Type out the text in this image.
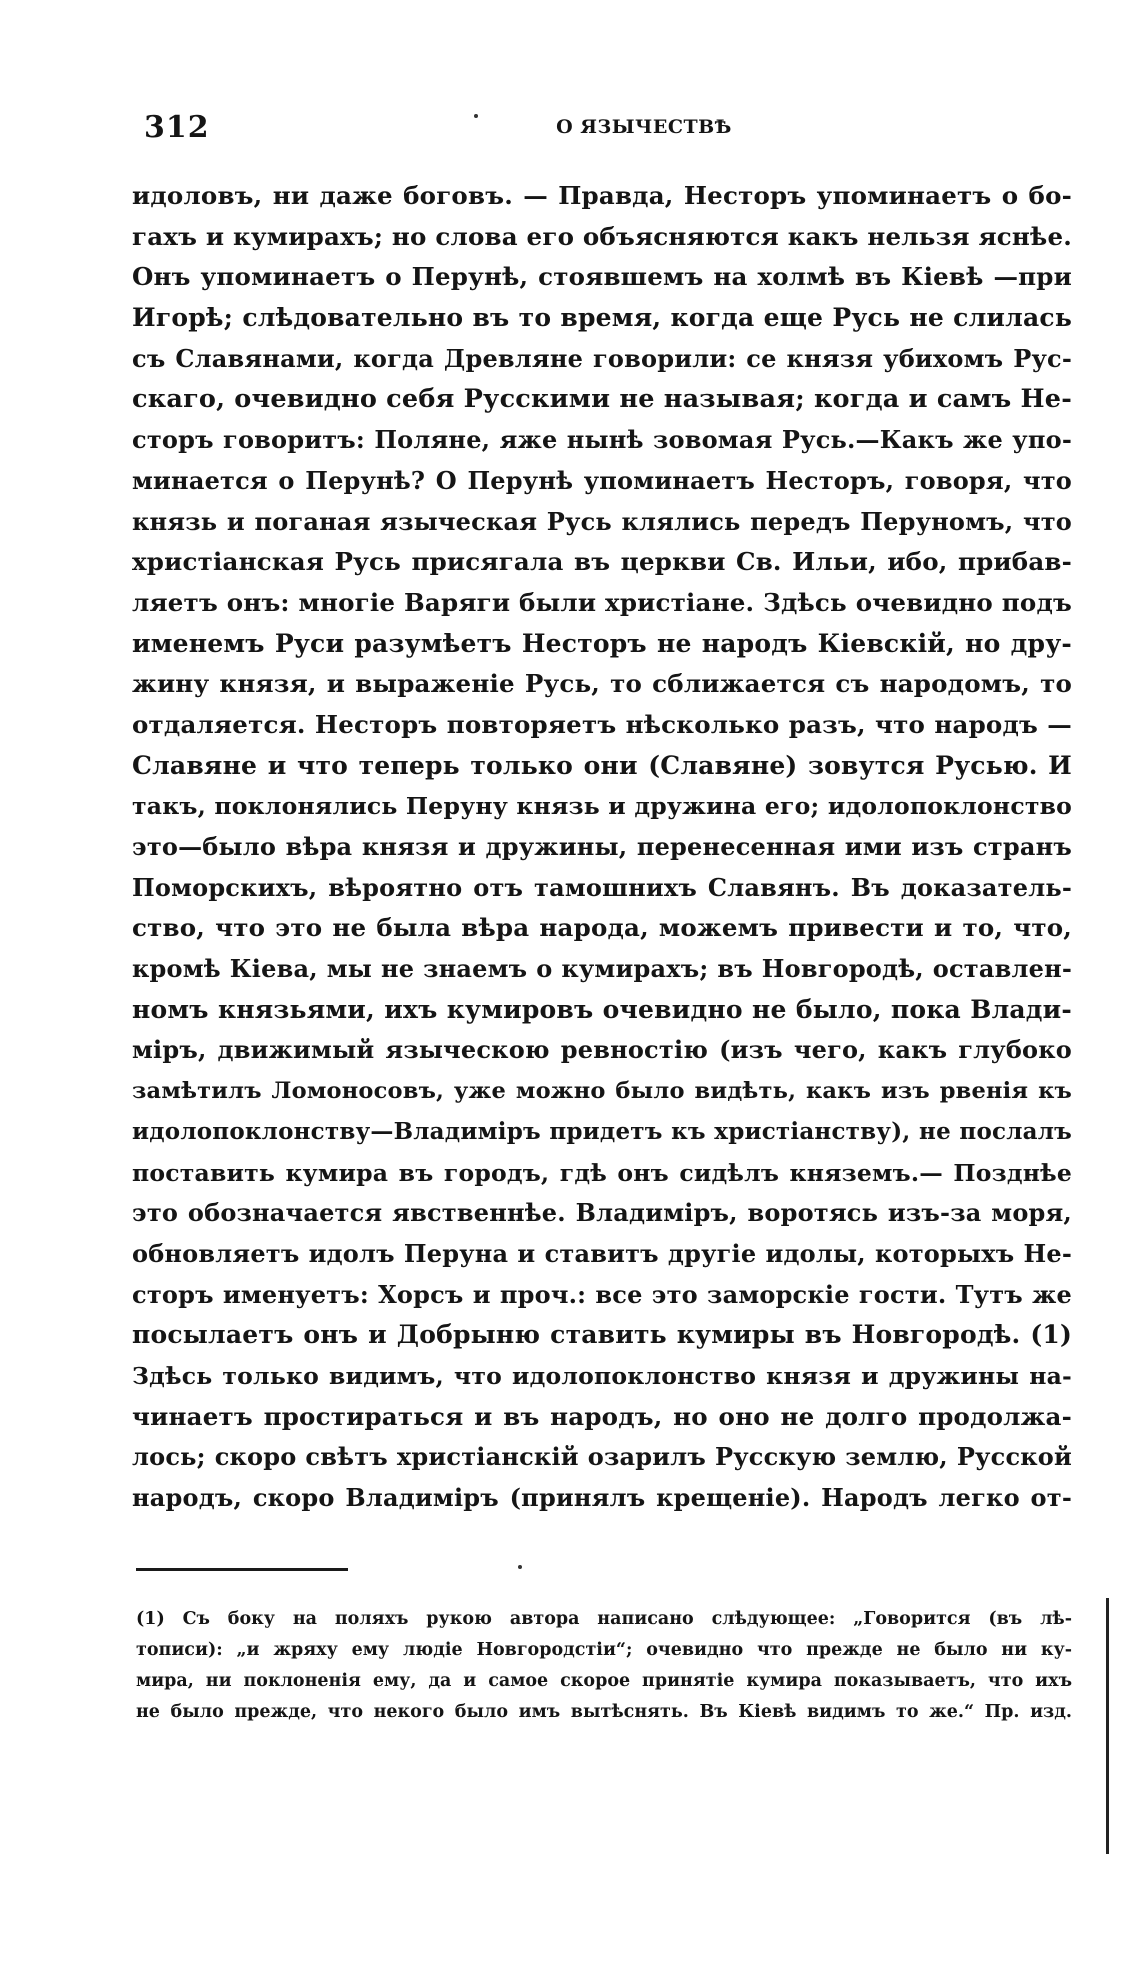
312	О ЯЗЫЧЕСТВѢ
идоловъ, ни даже боговъ. — Правда, Несторъ упоминаетъ о бо-
гахъ и кумирахъ; но слова его объясняются какъ нельзя яснѣе.
Онъ упоминаетъ о Перунѣ, стоявшемъ на холмѣ въ Кіевѣ —при
Игорѣ; слѣдовательно въ то время, когда еще Русь не слилась
съ Славянами, когда Древляне говорили: се князя убихомъ Рус-
скаго, очевидно себя Русскими не называя; когда и самъ Не-
сторъ говоритъ: Поляне, яже нынѣ зовомая Русь.—Какъ же упо-
минается о Перунѣ? О Перунѣ упоминаетъ Несторъ, говоря, что
князь и поганая языческая Русь клялись передъ Перуномъ, что
христіанская Русь присягала въ церкви Св. Ильи, ибо, прибав-
ляетъ онъ: многіе Варяги были христіане. Здѣсь очевидно подъ
именемъ Руси разумѣетъ Несторъ не народъ Кіевскій, но дру-
жину князя, и выраженіе Русь, то сближается съ народомъ, то
отдаляется. Несторъ повторяетъ нѣсколько разъ, что народъ —
Славяне и что теперь только они (Славяне) зовутся Русью. И
такъ, поклонялись Перуну князь и дружина его; идолопоклонство
это—было вѣра князя и дружины, перенесенная ими изъ странъ
Поморскихъ, вѣроятно отъ тамошнихъ Славянъ. Въ доказатель-
ство, что это не была вѣра народа, можемъ привести и то, что,
кромѣ Кіева, мы не знаемъ о кумирахъ; въ Новгородѣ, оставлен-
номъ князьями, ихъ кумировъ очевидно не было, пока Влади-
міръ, движимый языческою ревностію (изъ чего, какъ глубоко
замѣтилъ Ломоносовъ, уже можно было видѣть, какъ изъ рвенія къ
идолопоклонству—Владиміръ придетъ къ христіанству), не послалъ
поставить кумира въ городъ, гдѣ онъ сидѣлъ княземъ.— Позднѣе
это обозначается явственнѣе. Владиміръ, воротясь изъ-за моря,
обновляетъ идолъ Перуна и ставитъ другіе идолы, которыхъ Не-
сторъ именуетъ: Хорсъ и проч.: все это заморскіе гости. Тутъ же
посылаетъ онъ и Добрыню ставить кумиры въ Новгородѣ. (1)
Здѣсь только видимъ, что идолопоклонство князя и дружины на-
чинаетъ простираться и въ народъ, но оно не долго продолжа-
лось; скоро свѣтъ христіанскій озарилъ Русскую землю, Русской
народъ, скоро Владиміръ (принялъ крещеніе). Народъ легко от-
(1) Съ боку на поляхъ рукою автора написано слѣдующее: „Говорится (въ лѣ-
тописи): „и жряху ему людіе Новгородстіи“; очевидно что прежде не было ни ку-
мира, ни поклоненія ему, да и самое скорое принятіе кумира показываетъ, что ихъ
не было прежде, что некого было имъ вытѣснять. Въ Кіевѣ видимъ то же.“ Пр. изд.
